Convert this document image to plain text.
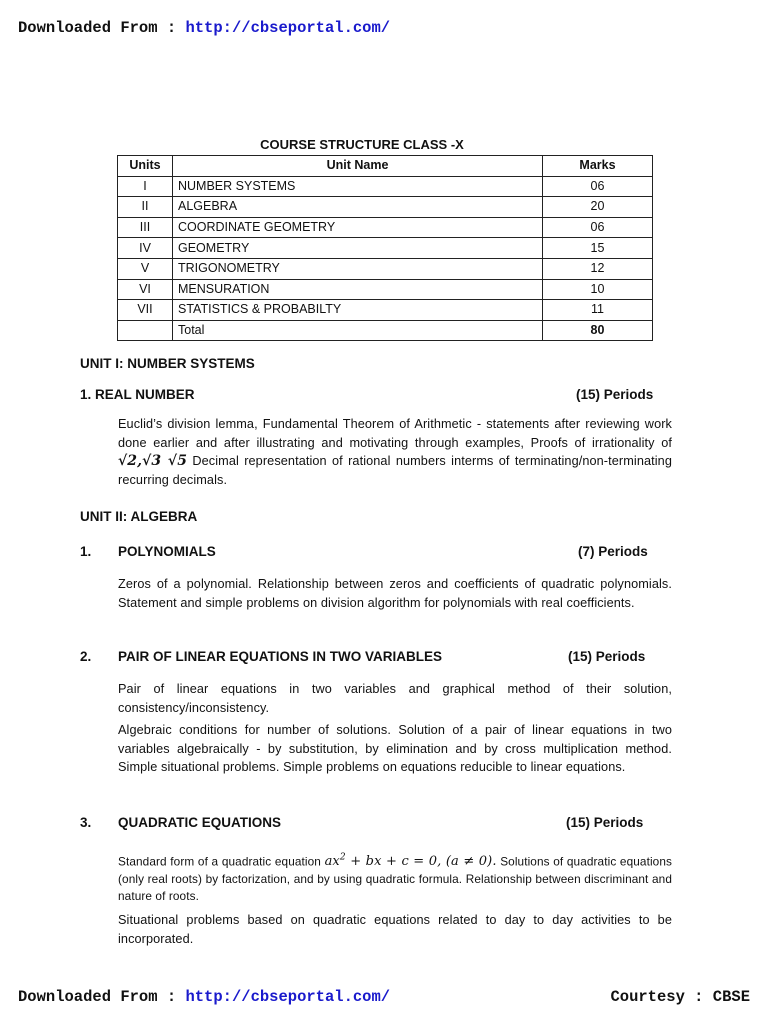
Downloaded From : http://cbseportal.com/
COURSE STRUCTURE CLASS -X
Units	Unit Name	Marks
I	NUMBER SYSTEMS	06
II	ALGEBRA	20
III	COORDINATE GEOMETRY	06
IV	GEOMETRY	15
V	TRIGONOMETRY	12
VI	MENSURATION	10
VII	STATISTICS & PROBABILTY	11
	Total	80
UNIT I: NUMBER SYSTEMS
1. REAL NUMBER	(15) Periods
Euclid’s division lemma, Fundamental Theorem of Arithmetic - statements after reviewing work done earlier and after illustrating and motivating through examples, Proofs of irrationality of √2,√3 √5 Decimal representation of rational numbers interms of terminating/non-terminating recurring decimals.
UNIT II: ALGEBRA
1. POLYNOMIALS	(7) Periods
Zeros of a polynomial. Relationship between zeros and coefficients of quadratic polynomials. Statement and simple problems on division algorithm for polynomials with real coefficients.
2. PAIR OF LINEAR EQUATIONS IN TWO VARIABLES	(15) Periods
Pair of linear equations in two variables and graphical method of their solution, consistency/inconsistency.
Algebraic conditions for number of solutions. Solution of a pair of linear equations in two variables algebraically - by substitution, by elimination and by cross multiplication method. Simple situational problems. Simple problems on equations reducible to linear equations.
3. QUADRATIC EQUATIONS	(15) Periods
Standard form of a quadratic equation $ax^2$ + bx + c = 0, (a ≠ 0). Solutions of quadratic equations (only real roots) by factorization, and by using quadratic formula. Relationship between discriminant and nature of roots.
Situational problems based on quadratic equations related to day to day activities to be incorporated.
Downloaded From : http://cbseportal.com/	Courtesy : CBSE
